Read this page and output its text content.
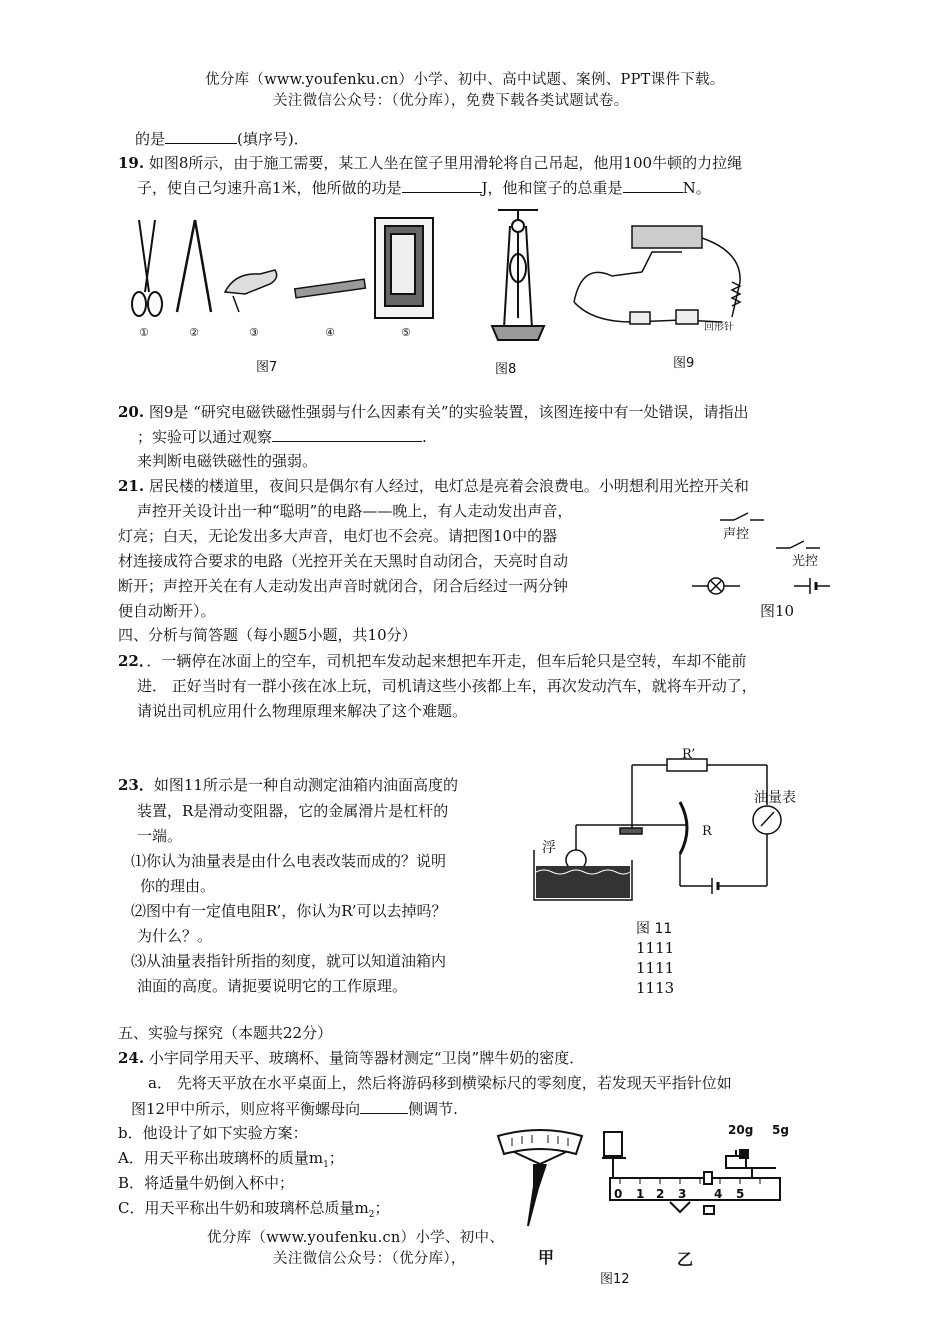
优分库（www.youfenku.cn）小学、初中、高中试题、案例、PPT课件下载。
关注微信公众号：（优分库），免费下载各类试题试卷。
的是	(填序号)．
19. 如图8所示，由于施工需要，某工人坐在筐子里用滑轮将自己吊起，他用100牛顿的力拉绳
子，使自己匀速升高1米，他所做的功是	J，他和筐子的总重是	N。
①	②	③	④	⑤
图7	图8
回形针
图9
20. 图9是 “研究电磁铁磁性强弱与什么因素有关”的实验装置，该图连接中有一处错误，请指出
；实验可以通过观察	.
来判断电磁铁磁性的强弱。
21. 居民楼的楼道里，夜间只是偶尔有人经过，电灯总是亮着会浪费电。小明想利用光控开关和
声控开关设计出一种“聪明”的电路——晚上，有人走动发出声音，
灯亮；白天，无论发出多大声音，电灯也不会亮。请把图10中的器
材连接成符合要求的电路（光控开关在天黑时自动闭合，天亮时自动
断开；声控开关在有人走动发出声音时就闭合，闭合后经过一两分钟
便自动断开）。
声控
光控
图10
四、分析与简答题（每小题5小题，共10分）
22．．一辆停在冰面上的空车，司机把车发动起来想把车开走，但车后轮只是空转，车却不能前
进． 正好当时有一群小孩在冰上玩，司机请这些小孩都上车，再次发动汽车，就将车开动了，
请说出司机应用什么物理原理来解决了这个难题。
23．如图11所示是一种自动测定油箱内油面高度的
装置，R是滑动变阻器，它的金属滑片是杠杆的
一端。
⑴你认为油量表是由什么电表改装而成的？说明
你的理由。
⑵图中有一定值电阻R’，你认为R’可以去掉吗？
为什么？。
⑶从油量表指针所指的刻度，就可以知道油箱内
油面的高度。请扼要说明它的工作原理。
R’
R
油量表
浮
图 11
1111
1111
1113
五、实验与探究（本题共22分）
24. 小宇同学用天平、玻璃杯、量筒等器材测定“卫岗”牌牛奶的密度．
a． 先将天平放在水平桌面上，然后将游码移到横梁标尺的零刻度，若发现天平指针位如
图12甲中所示，则应将平衡螺母向	侧调节.
b．他设计了如下实验方案：
A．用天平称出玻璃杯的质量$m_1$；
B．将适量牛奶倒入杯中；
C．用天平称出牛奶和玻璃杯总质量$m_2$；
0 1 2 3 4 5
20g 5g
甲	乙
图12
优分库（www.youfenku.cn）小学、初中、
关注微信公众号：（优分库），
